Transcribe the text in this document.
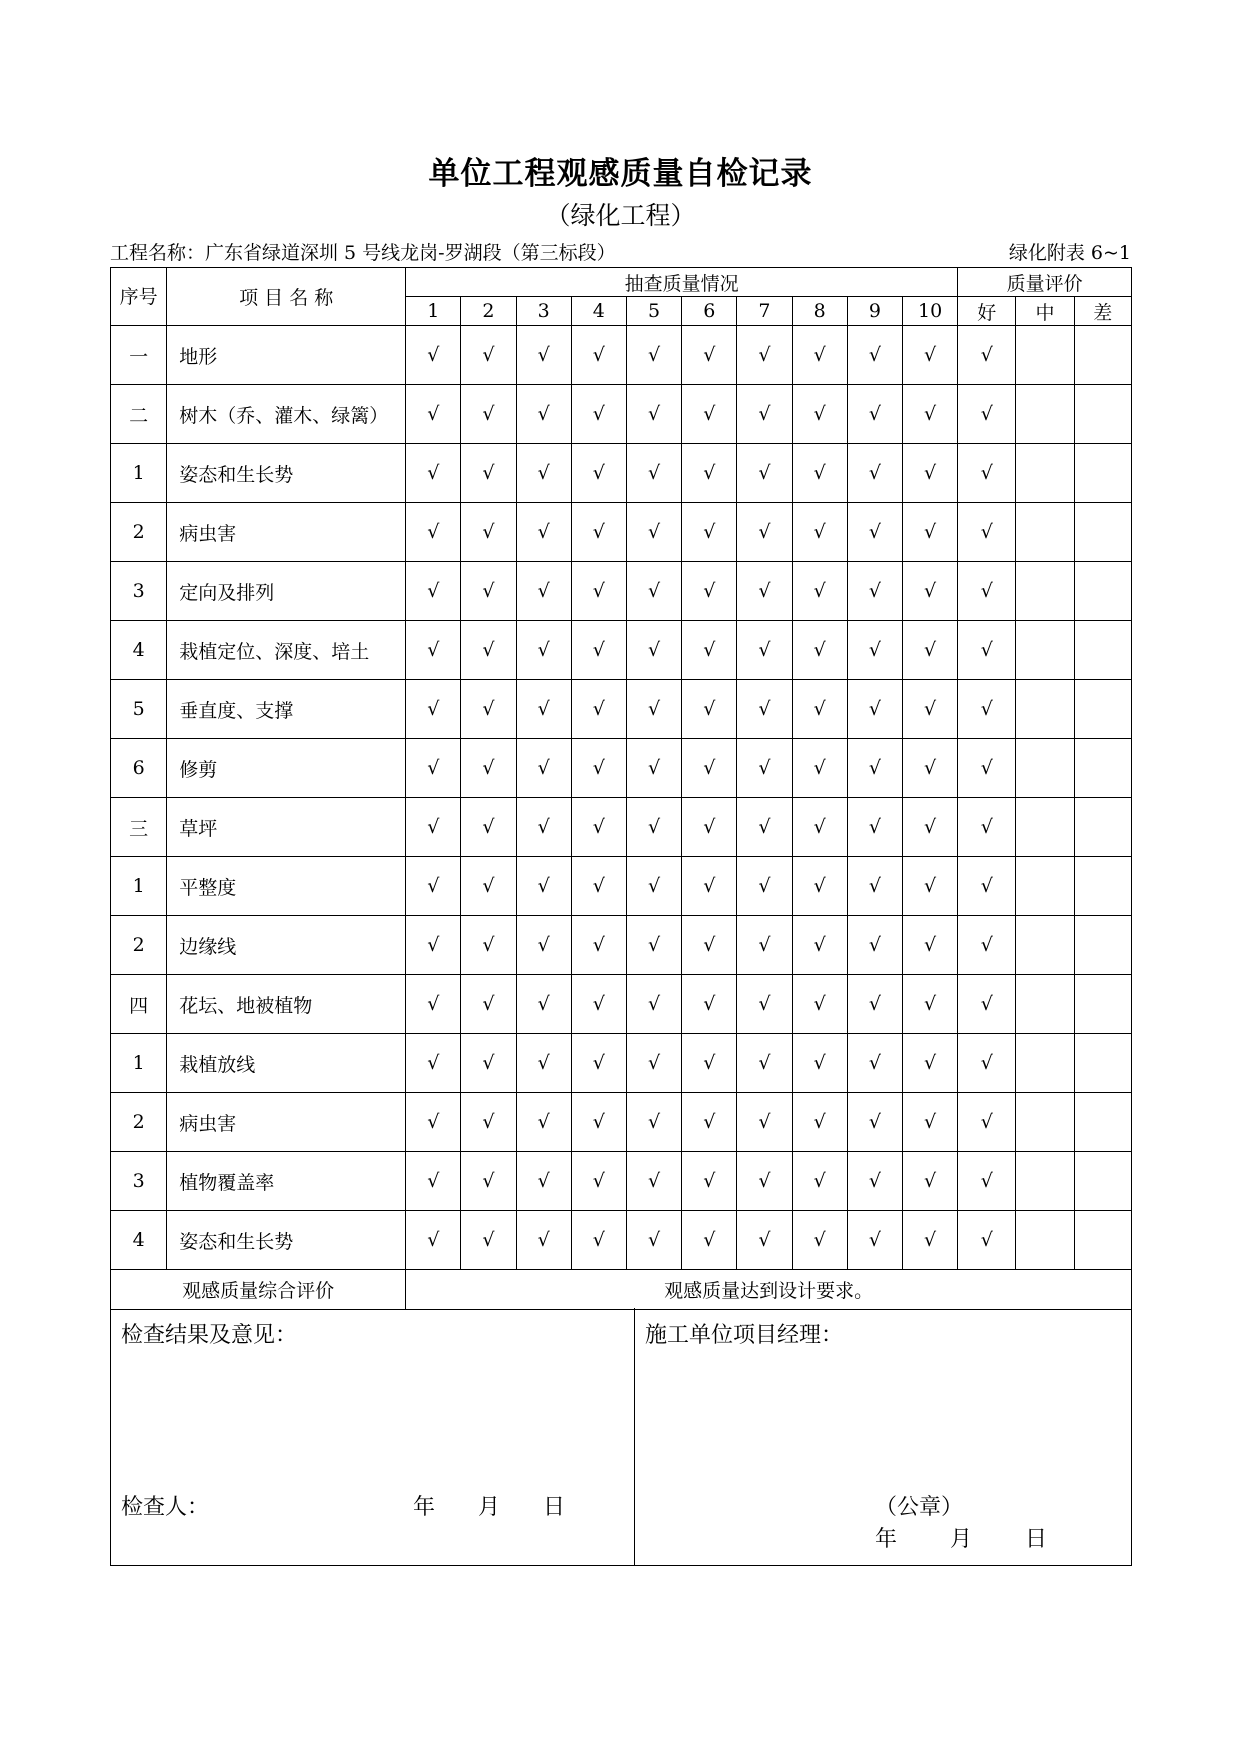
单位工程观感质量自检记录
（绿化工程）
工程名称：广东省绿道深圳 5 号线龙岗-罗湖段（第三标段）	绿化附表 6~1
序号	项 目 名 称	抽查质量情况										质量评价		
		1	2	3	4	5	6	7	8	9	10	好	中	差
一	地形	√	√	√	√	√	√	√	√	√	√	√		
二	树木（乔、灌木、绿篱）	√	√	√	√	√	√	√	√	√	√	√		
1	姿态和生长势	√	√	√	√	√	√	√	√	√	√	√		
2	病虫害	√	√	√	√	√	√	√	√	√	√	√		
3	定向及排列	√	√	√	√	√	√	√	√	√	√	√		
4	栽植定位、深度、培土	√	√	√	√	√	√	√	√	√	√	√		
5	垂直度、支撑	√	√	√	√	√	√	√	√	√	√	√		
6	修剪	√	√	√	√	√	√	√	√	√	√	√		
三	草坪	√	√	√	√	√	√	√	√	√	√	√		
1	平整度	√	√	√	√	√	√	√	√	√	√	√		
2	边缘线	√	√	√	√	√	√	√	√	√	√	√		
四	花坛、地被植物	√	√	√	√	√	√	√	√	√	√	√		
1	栽植放线	√	√	√	√	√	√	√	√	√	√	√		
2	病虫害	√	√	√	√	√	√	√	√	√	√	√		
3	植物覆盖率	√	√	√	√	√	√	√	√	√	√	√		
4	姿态和生长势	√	√	√	√	√	√	√	√	√	√	√		
观感质量综合评价		观感质量达到设计要求。												
检查结果及意见：
检查人：	年 月 日
施工单位项目经理：
（公章）
年 月 日
